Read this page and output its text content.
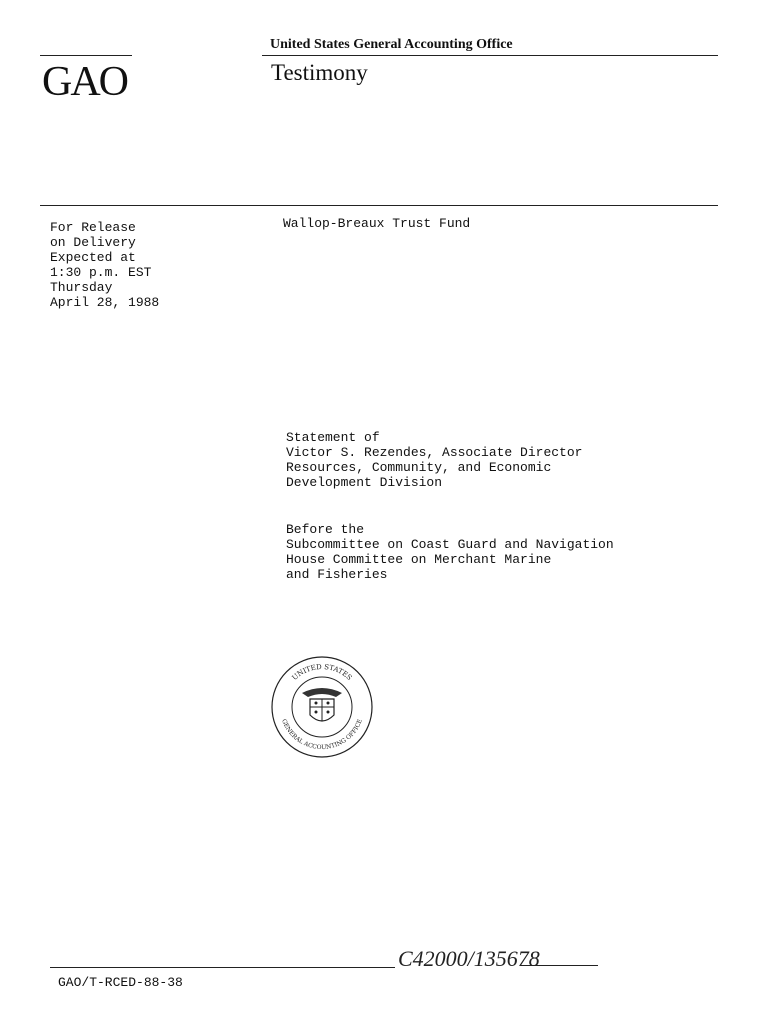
GAO
United States General Accounting Office
Testimony
For Release
on Delivery
Expected at
1:30 p.m. EST
Thursday
April 28, 1988
Wallop-Breaux Trust Fund
Statement of
Victor S. Rezendes, Associate Director
Resources, Community, and Economic
Development Division
Before the
Subcommittee on Coast Guard and Navigation
House Committee on Merchant Marine
and Fisheries
UNITED STATES
GENERAL ACCOUNTING OFFICE
C42000/135678
GAO/T-RCED-88-38
